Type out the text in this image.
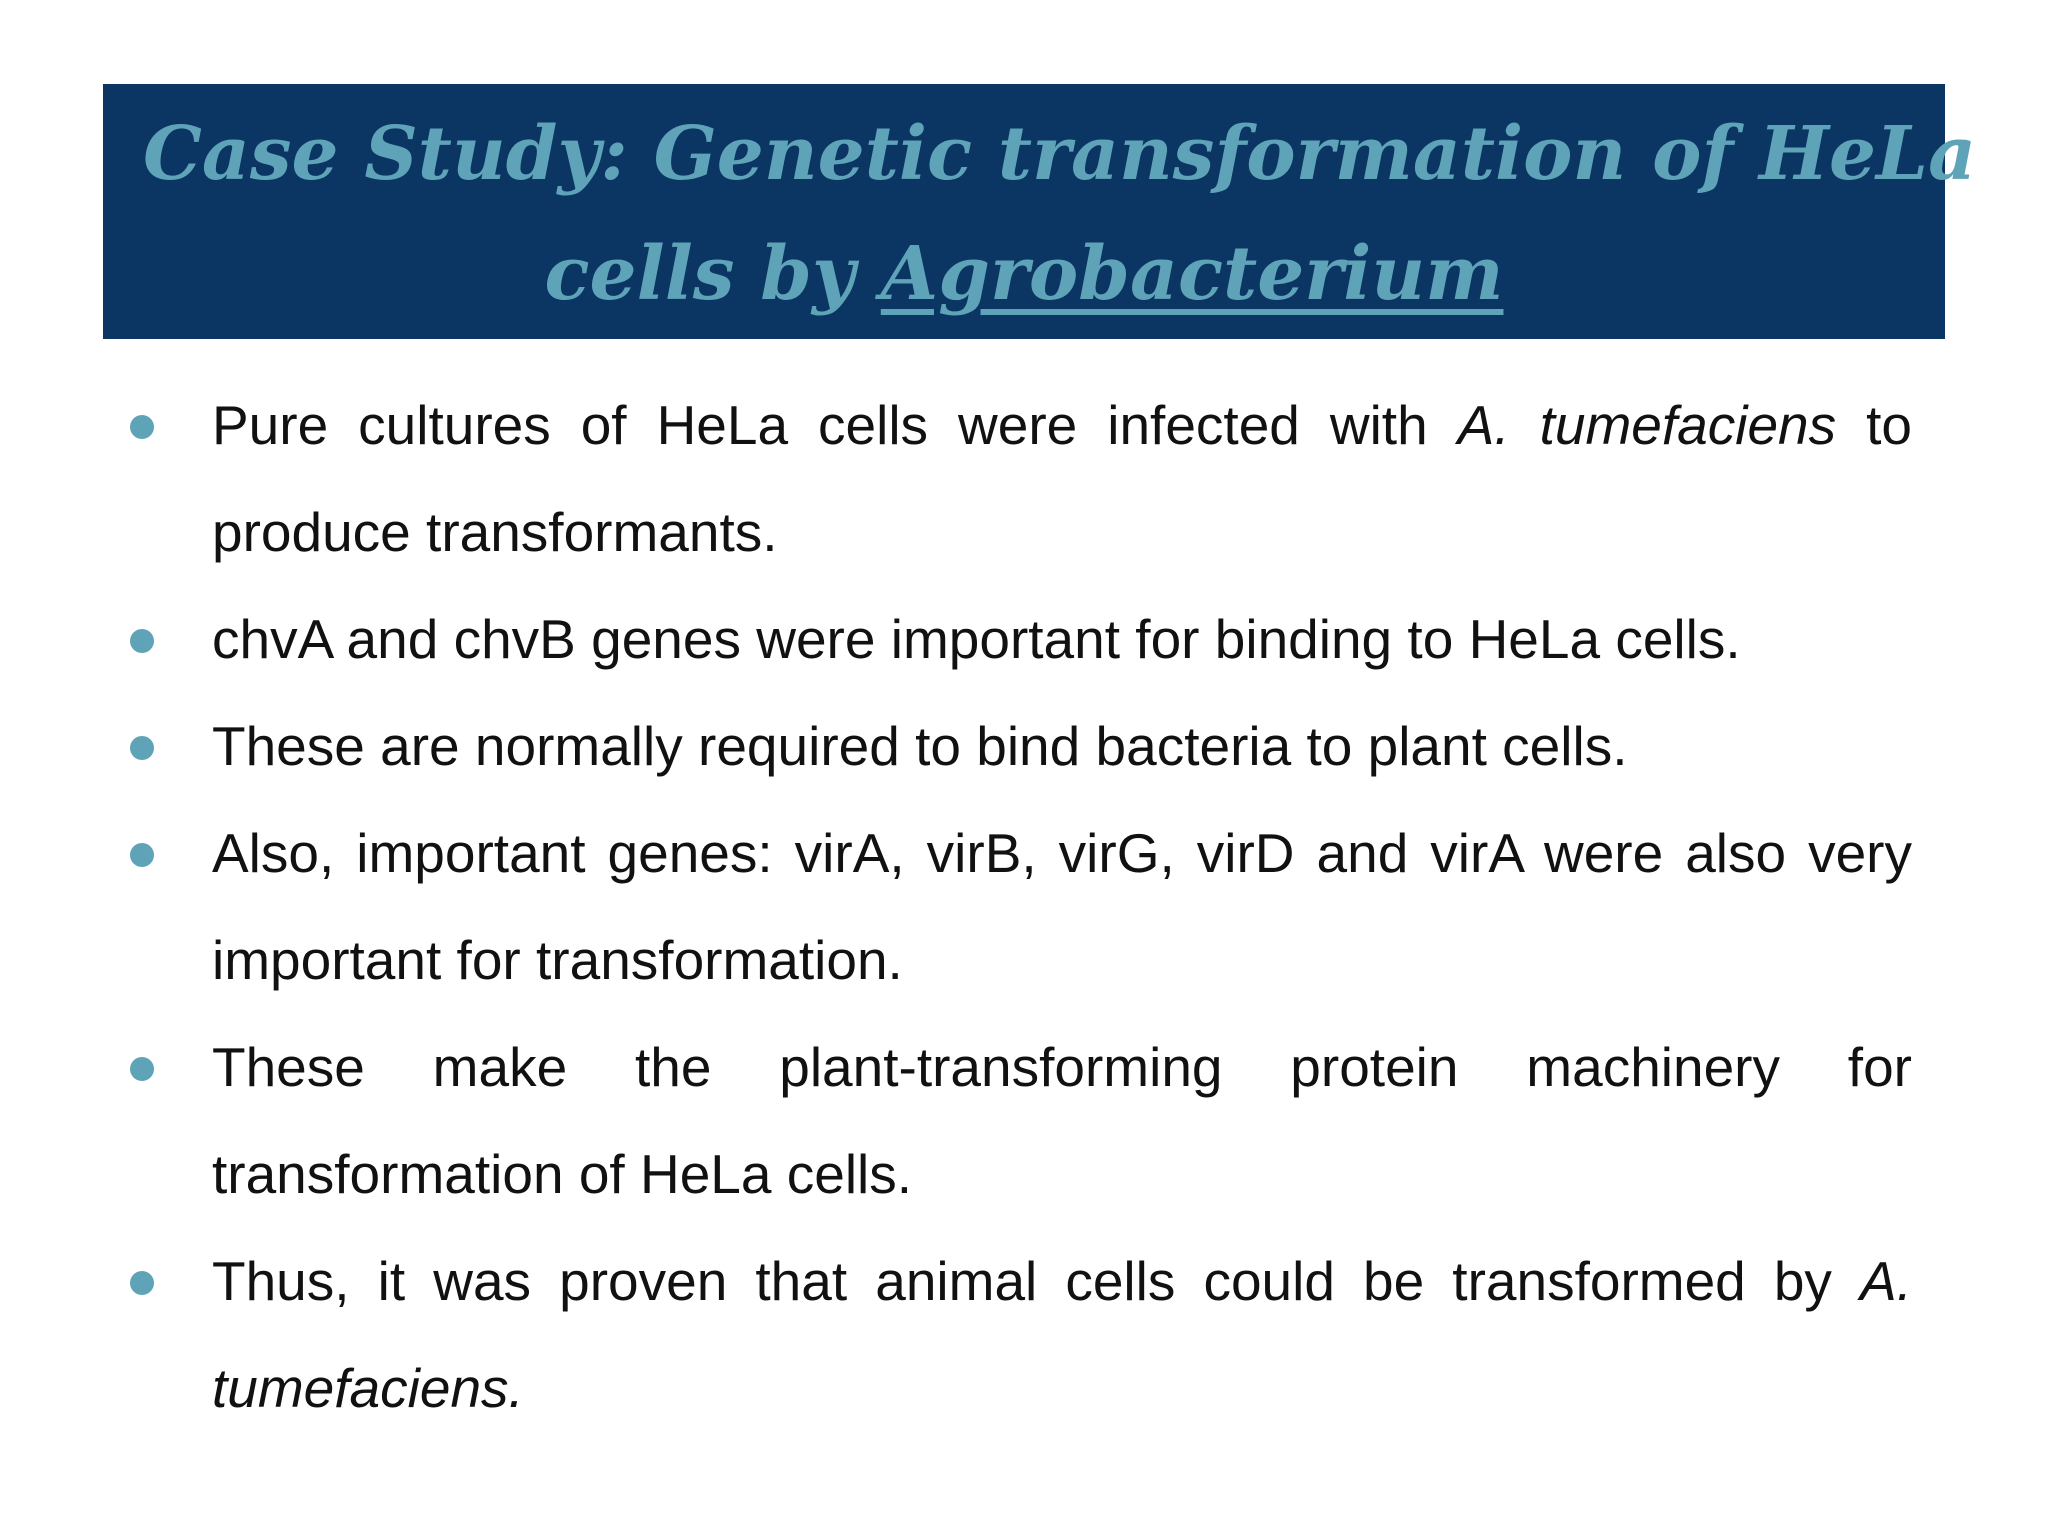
Case Study: Genetic transformation of HeLa
cells by Agrobacterium
Pure cultures of HeLa cells were infected with A. tumefaciens to produce transformants.
chvA and chvB genes were important for binding to HeLa cells.
These are normally required to bind bacteria to plant cells.
Also, important genes: virA, virB, virG, virD and virA were also very important for transformation.
These make the plant-transforming protein machinery for transformation of HeLa cells.
Thus, it was proven that animal cells could be transformed by A. tumefaciens.
